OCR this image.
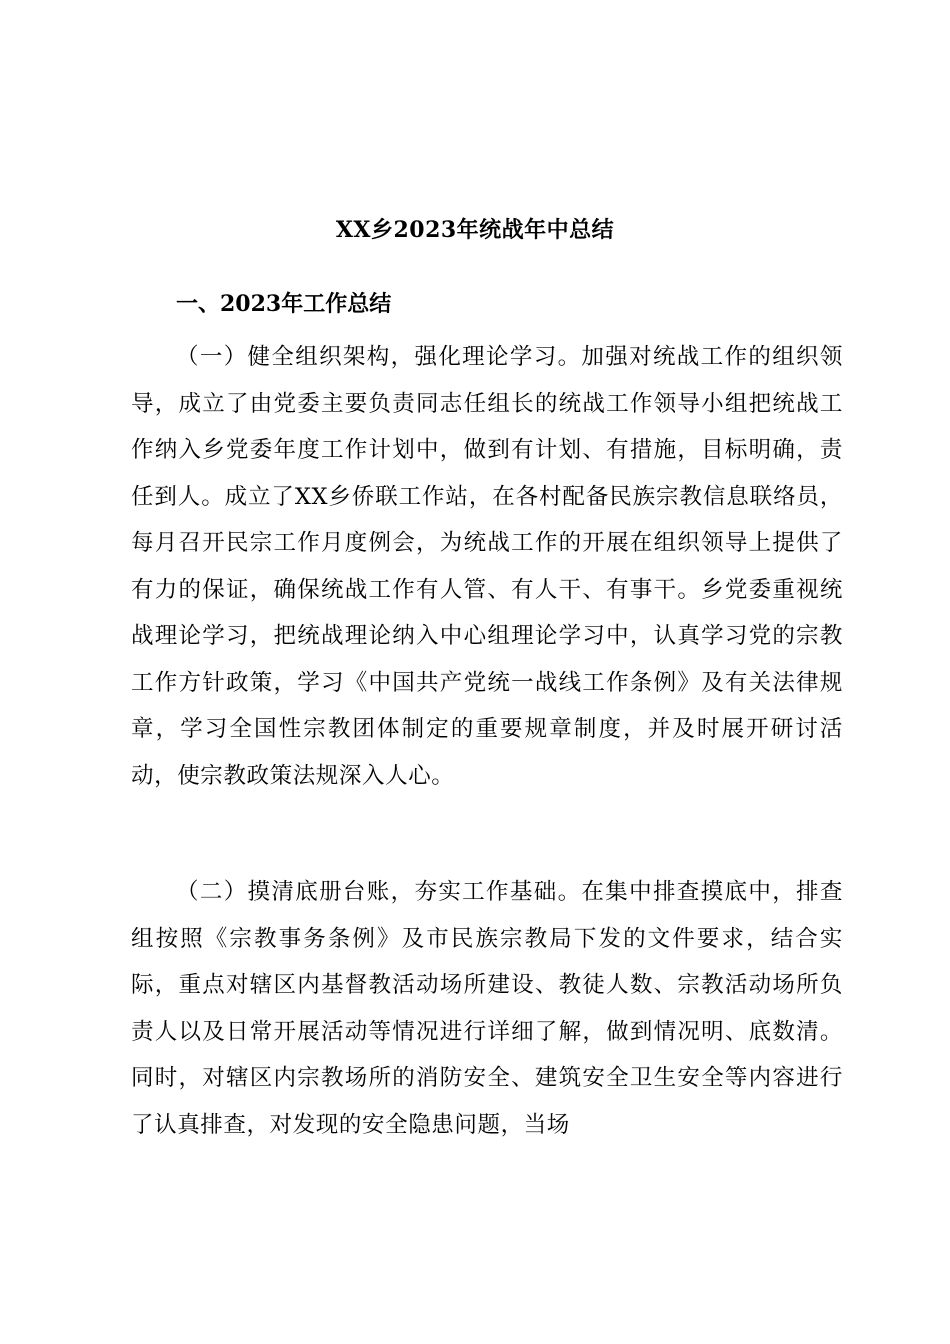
XX乡2023年统战年中总结
一、2023年工作总结

（一）健全组织架构，强化理论学习。加强对统战工作的组织领导，成立了由党委主要负责同志任组长的统战工作领导小组把统战工作纳入乡党委年度工作计划中，做到有计划、有措施，目标明确，责任到人。成立了XX乡侨联工作站，在各村配备民族宗教信息联络员，每月召开民宗工作月度例会，为统战工作的开展在组织领导上提供了有力的保证，确保统战工作有人管、有人干、有事干。乡党委重视统战理论学习，把统战理论纳入中心组理论学习中，认真学习党的宗教工作方针政策，学习《中国共产党统一战线工作条例》及有关法律规章，学习全国性宗教团体制定的重要规章制度，并及时展开研讨活动，使宗教政策法规深入人心。

（二）摸清底册台账，夯实工作基础。在集中排查摸底中，排查组按照《宗教事务条例》及市民族宗教局下发的文件要求，结合实际，重点对辖区内基督教活动场所建设、教徒人数、宗教活动场所负责人以及日常开展活动等情况进行详细了解，做到情况明、底数清。同时，对辖区内宗教场所的消防安全、建筑安全卫生安全等内容进行了认真排查，对发现的安全隐患问题，当场
